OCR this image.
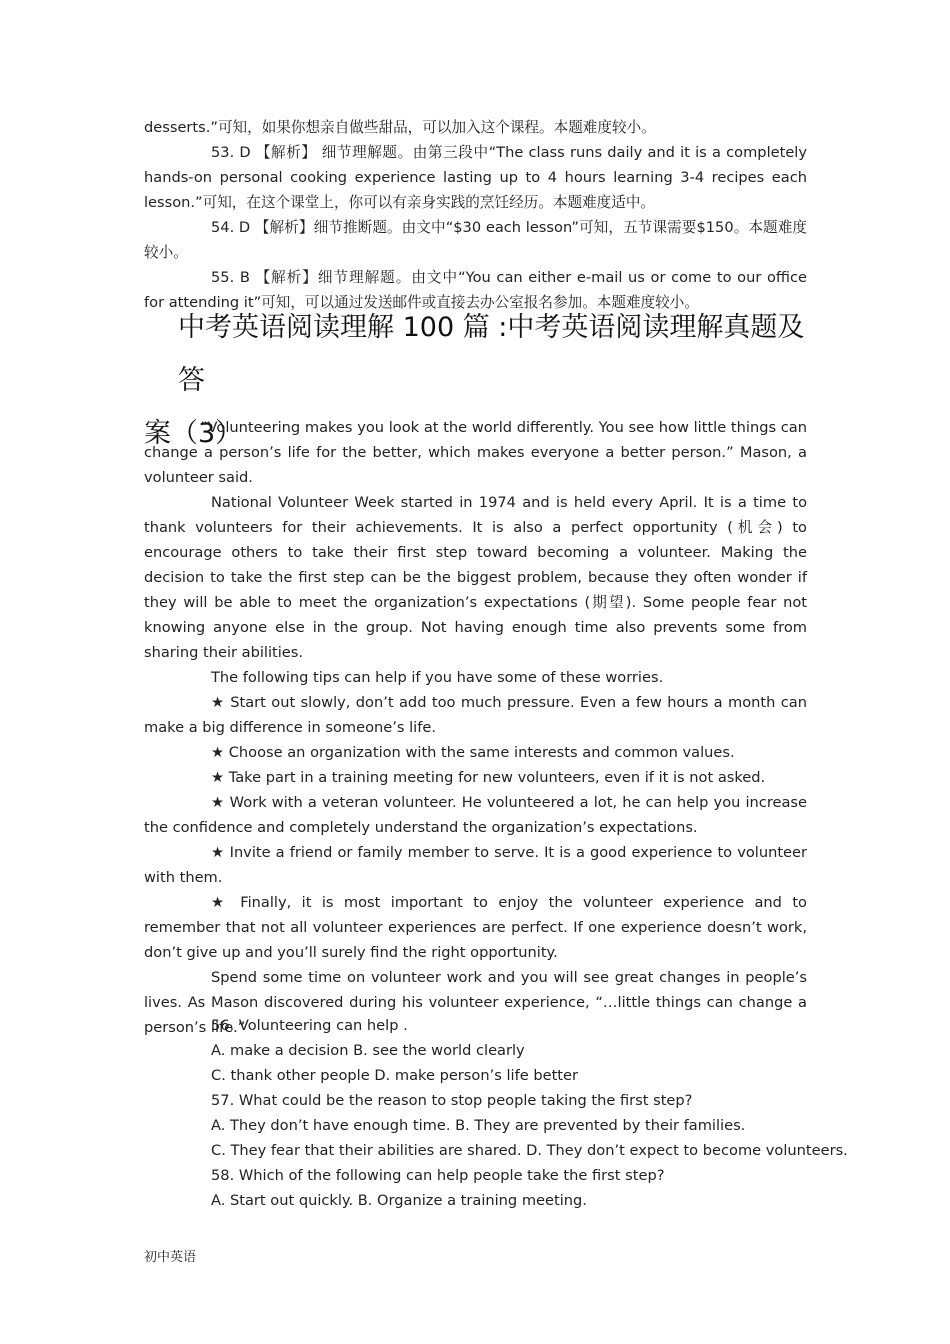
desserts.”可知，如果你想亲自做些甜品，可以加入这个课程。本题难度较小。

53. D 【解析】 细节理解题。由第三段中“The class runs daily and it is a completely hands-on personal cooking experience lasting up to 4 hours learning 3-4 recipes each lesson.”可知，在这个课堂上，你可以有亲身实践的烹饪经历。本题难度适中。

54. D 【解析】细节推断题。由文中“$30 each lesson”可知，五节课需要$150。本题难度较小。

55. B 【解析】细节理解题。由文中“You can either e-mail us or come to our office for attending it”可知，可以通过发送邮件或直接去办公室报名参加。本题难度较小。

中考英语阅读理解 100 篇 :中考英语阅读理解真题及答
案（3）

“Volunteering makes you look at the world differently. You see how little things can change a person’s life for the better, which makes everyone a better person.” Mason, a volunteer said.

National Volunteer Week started in 1974 and is held every April. It is a time to thank volunteers for their achievements. It is also a perfect opportunity (机会) to encourage others to take their first step toward becoming a volunteer. Making the decision to take the first step can be the biggest problem, because they often wonder if they will be able to meet the organization’s expectations (期望). Some people fear not knowing anyone else in the group. Not having enough time also prevents some from sharing their abilities.

The following tips can help if you have some of these worries.

★ Start out slowly, don’t add too much pressure. Even a few hours a month can make a big difference in someone’s life.

★ Choose an organization with the same interests and common values.

★ Take part in a training meeting for new volunteers, even if it is not asked.

★ Work with a veteran volunteer. He volunteered a lot, he can help you increase the confidence and completely understand the organization’s expectations.

★ Invite a friend or family member to serve. It is a good experience to volunteer with them.

★ Finally, it is most important to enjoy the volunteer experience and to remember that not all volunteer experiences are perfect. If one experience doesn’t work, don’t give up and you’ll surely find the right opportunity.

Spend some time on volunteer work and you will see great changes in people’s lives. As Mason discovered during his volunteer experience, “…little things can change a person’s life.”

56. Volunteering can help .
A. make a decision B. see the world clearly
C. thank other people D. make person’s life better
57. What could be the reason to stop people taking the first step?
A. They don’t have enough time. B. They are prevented by their families.
C. They fear that their abilities are shared. D. They don’t expect to become volunteers.
58. Which of the following can help people take the first step?
A. Start out quickly. B. Organize a training meeting.
初中英语
